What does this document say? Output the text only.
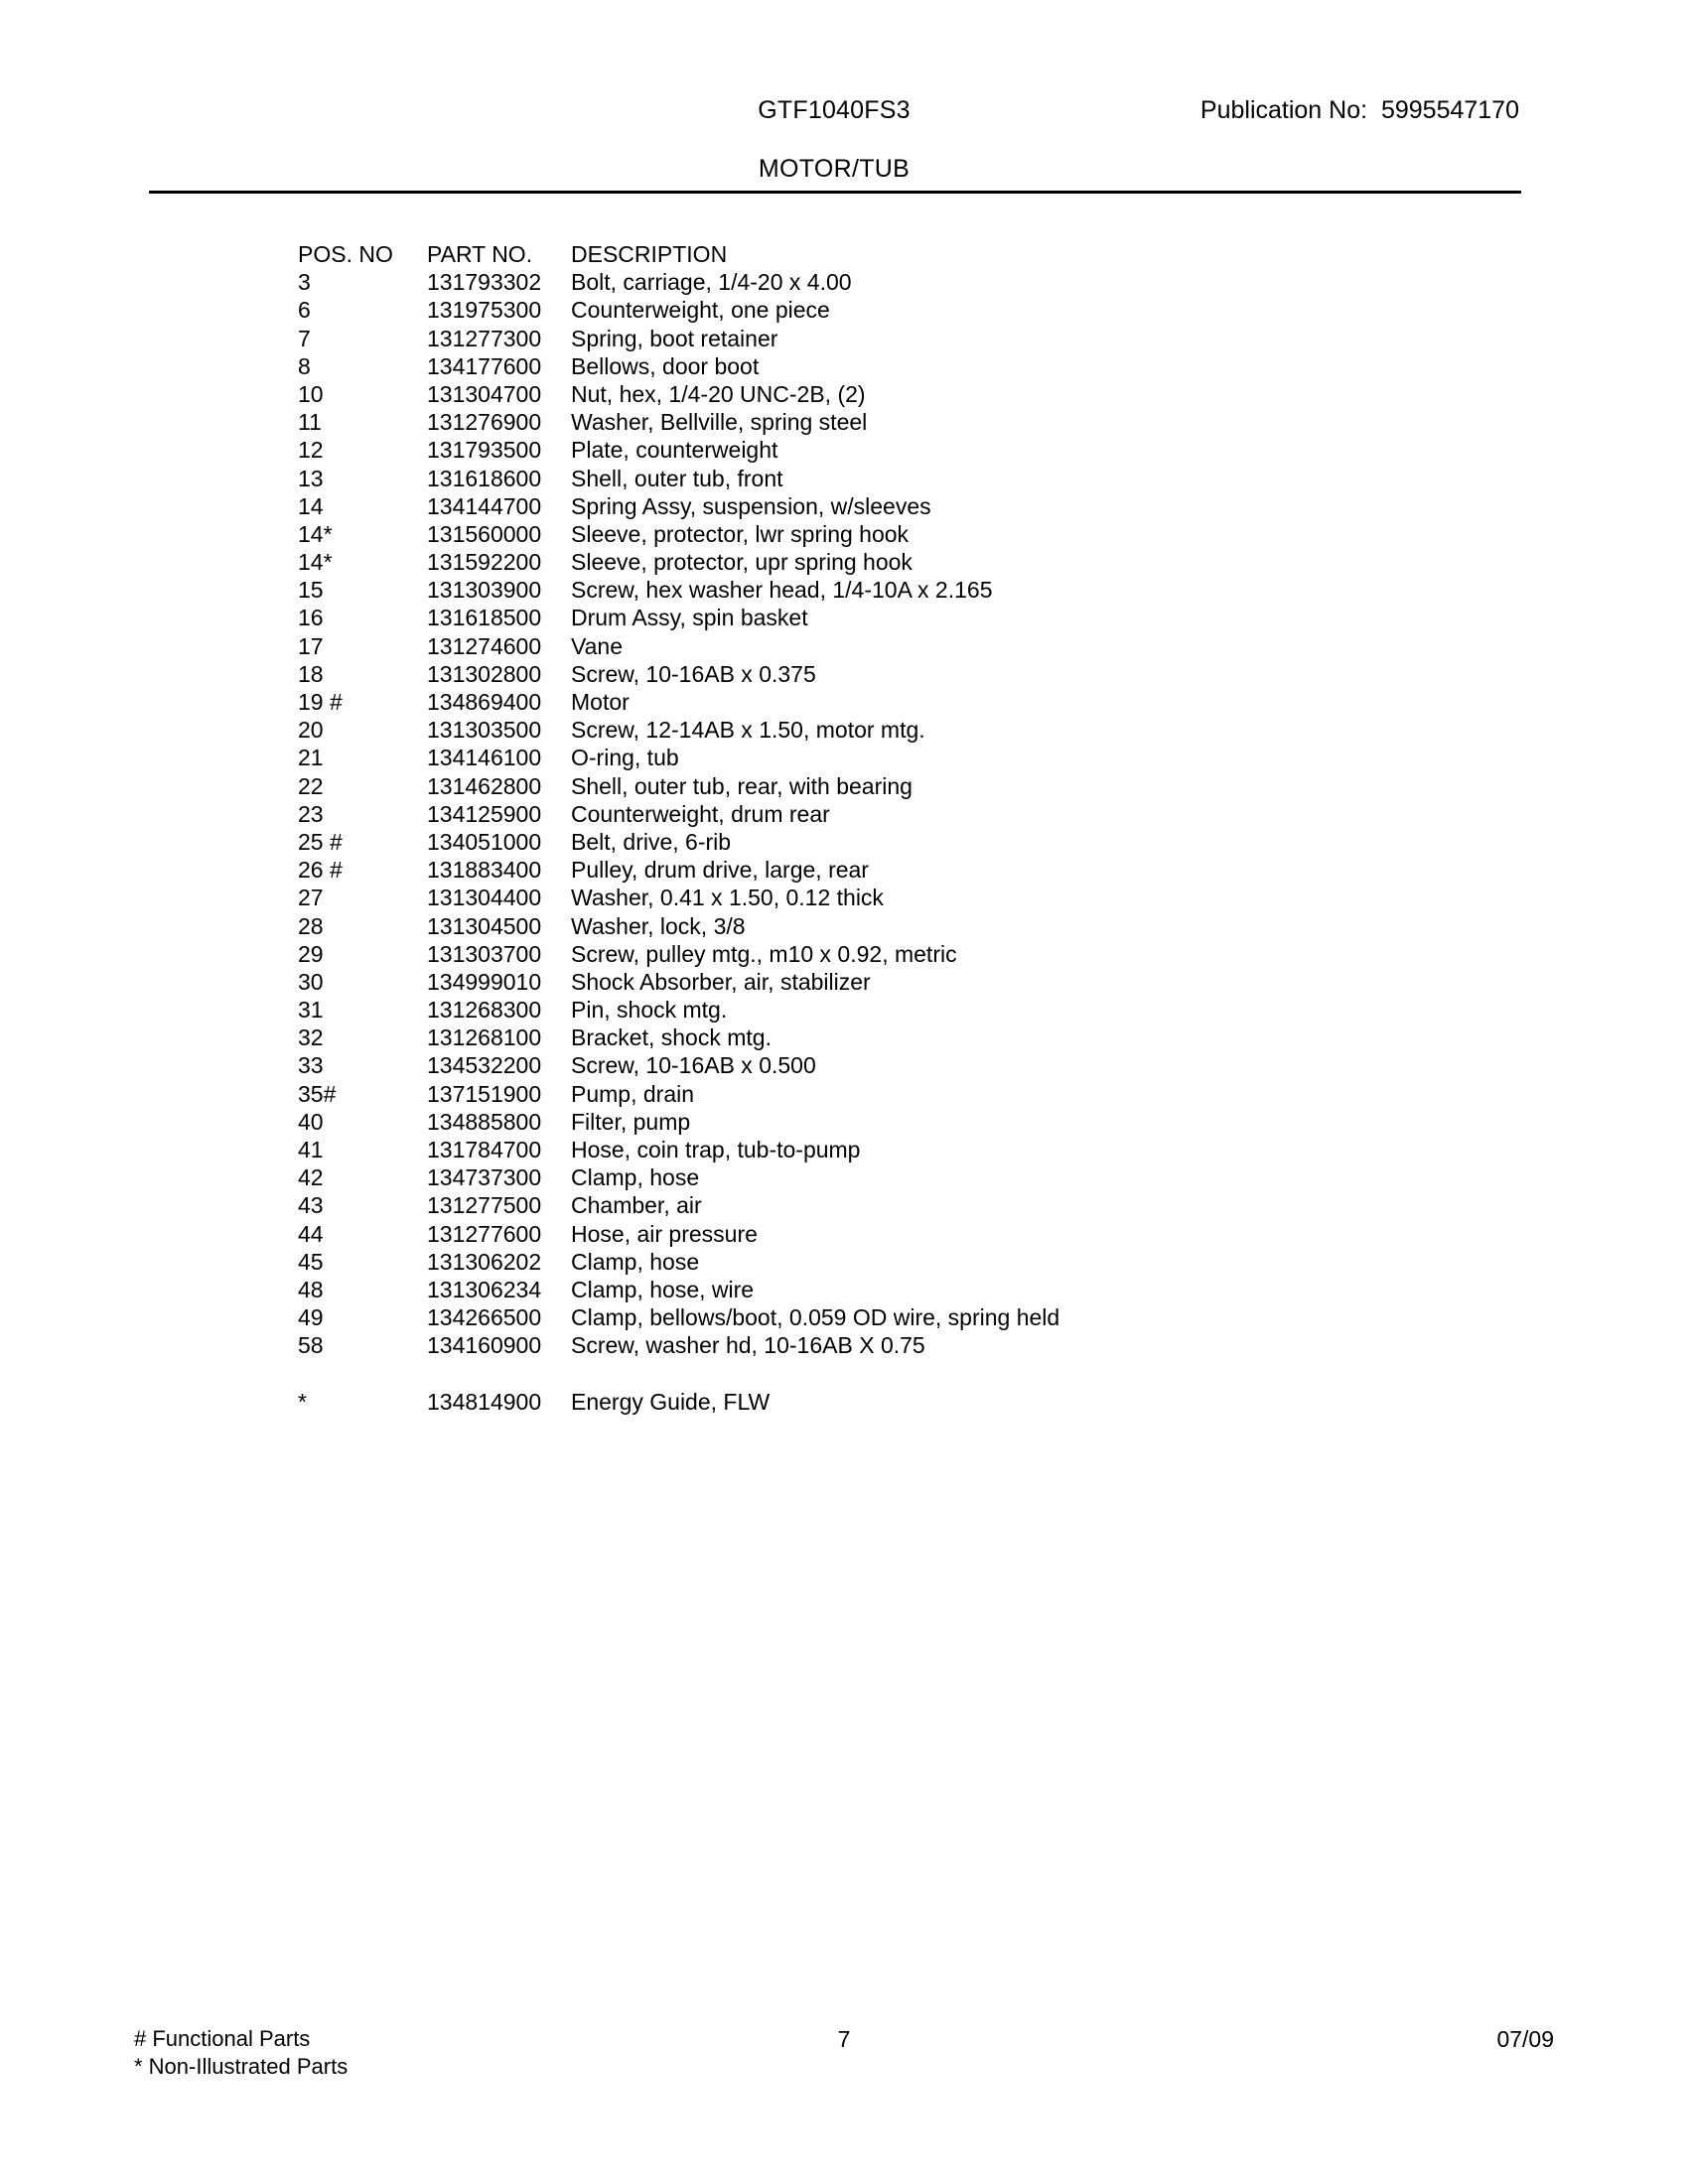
GTF1040FS3	Publication No:  5995547170
MOTOR/TUB
POS. NO	PART NO.	DESCRIPTION
3	131793302	Bolt, carriage, 1/4-20 x 4.00
6	131975300	Counterweight, one piece
7	131277300	Spring, boot retainer
8	134177600	Bellows, door boot
10	131304700	Nut, hex, 1/4-20 UNC-2B, (2)
11	131276900	Washer, Bellville, spring steel
12	131793500	Plate, counterweight
13	131618600	Shell, outer tub, front
14	134144700	Spring Assy, suspension, w/sleeves
14*	131560000	Sleeve, protector, lwr spring hook
14*	131592200	Sleeve, protector, upr spring hook
15	131303900	Screw, hex washer head, 1/4-10A x 2.165
16	131618500	Drum Assy, spin basket
17	131274600	Vane
18	131302800	Screw, 10-16AB x 0.375
19 #	134869400	Motor
20	131303500	Screw, 12-14AB x 1.50, motor mtg.
21	134146100	O-ring, tub
22	131462800	Shell, outer tub, rear, with bearing
23	134125900	Counterweight, drum rear
25 #	134051000	Belt, drive, 6-rib
26 #	131883400	Pulley, drum drive, large, rear
27	131304400	Washer, 0.41 x 1.50, 0.12 thick
28	131304500	Washer, lock, 3/8
29	131303700	Screw, pulley mtg., m10 x 0.92, metric
30	134999010	Shock Absorber, air, stabilizer
31	131268300	Pin, shock mtg.
32	131268100	Bracket, shock mtg.
33	134532200	Screw, 10-16AB x 0.500
35#	137151900	Pump, drain
40	134885800	Filter, pump
41	131784700	Hose, coin trap, tub-to-pump
42	134737300	Clamp, hose
43	131277500	Chamber, air
44	131277600	Hose, air pressure
45	131306202	Clamp, hose
48	131306234	Clamp, hose, wire
49	134266500	Clamp, bellows/boot, 0.059 OD wire, spring held
58	134160900	Screw, washer hd, 10-16AB X 0.75
*	134814900	Energy Guide, FLW
# Functional Parts
* Non-Illustrated Parts
7	07/09
